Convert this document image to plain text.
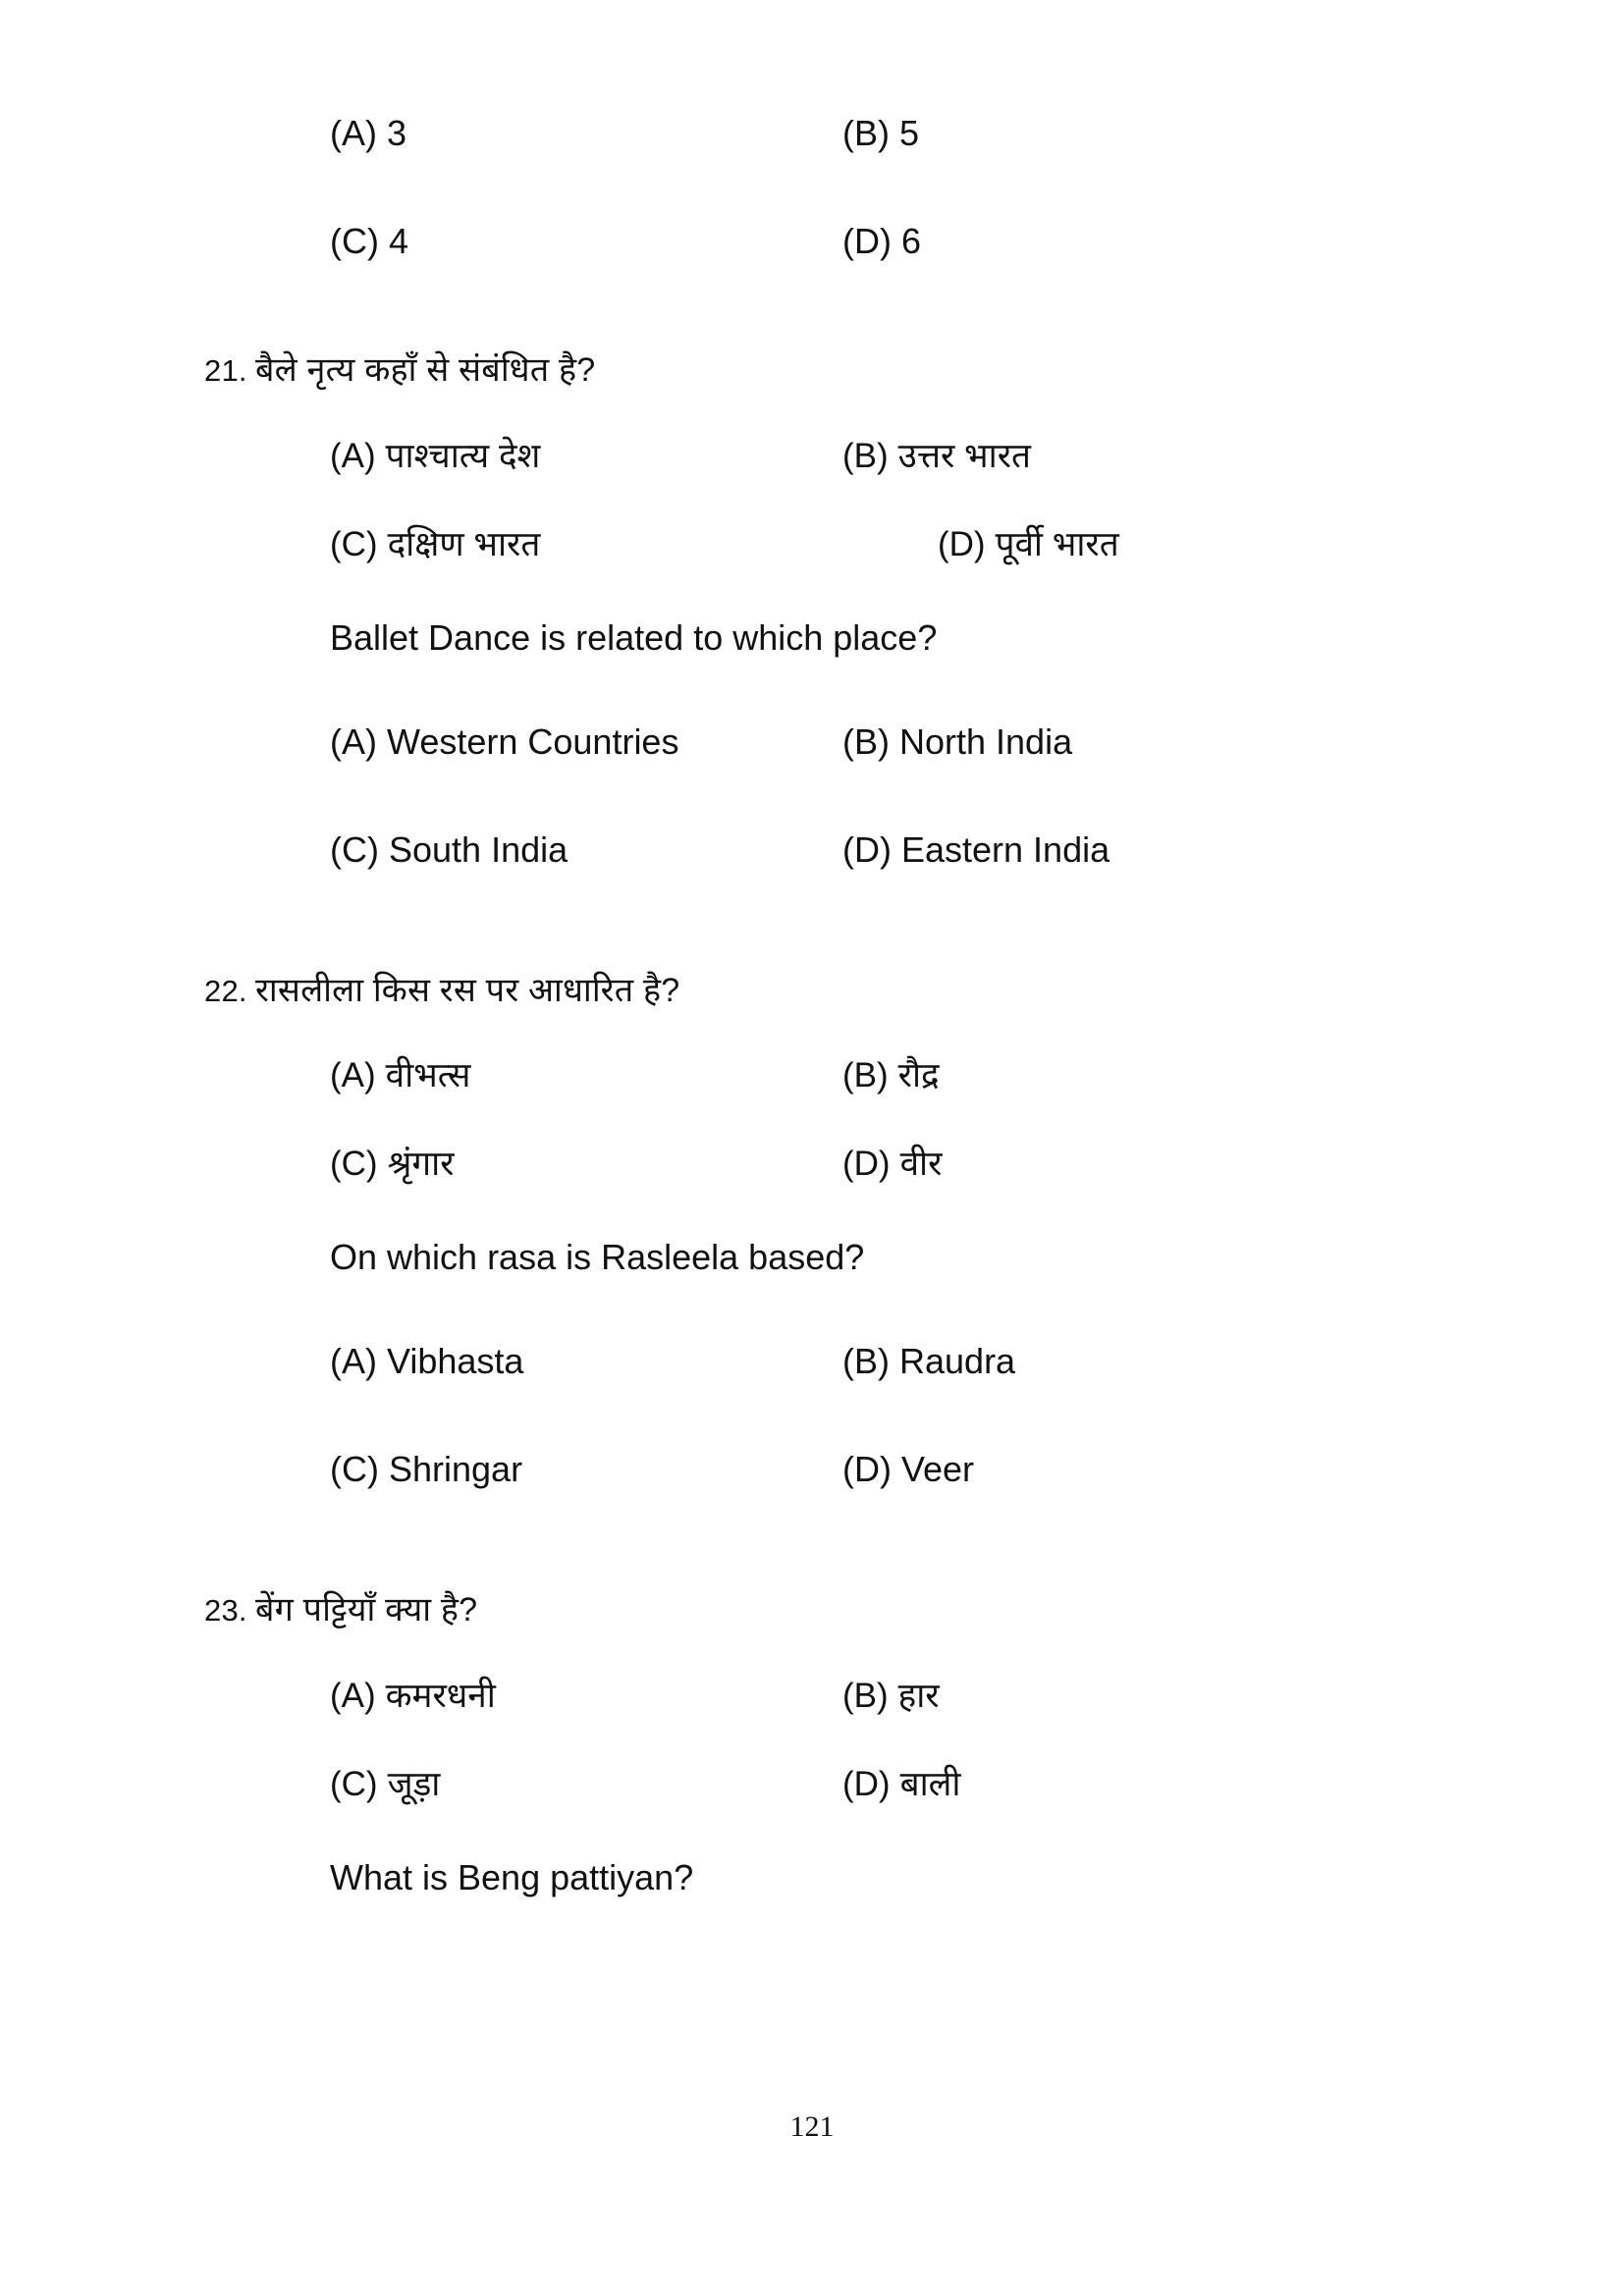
(A) 3	(B) 5
(C) 4	(D) 6
21. बैले नृत्य कहाँ से संबंधित है?
(A) पाश्चात्य देश	(B) उत्तर भारत
(C) दक्षिण भारत	(D) पूर्वी भारत
Ballet Dance is related to which place?
(A) Western Countries	(B) North India
(C) South India	(D) Eastern India
22. रासलीला किस रस पर आधारित है?
(A) वीभत्स	(B) रौद्र
(C) श्रृंगार	(D) वीर
On which rasa is Rasleela based?
(A) Vibhasta	(B) Raudra
(C) Shringar	(D) Veer
23. बेंग पट्टियाँ क्या है?
(A) कमरधनी	(B) हार
(C) जूड़ा	(D) बाली
What is Beng pattiyan?
121
